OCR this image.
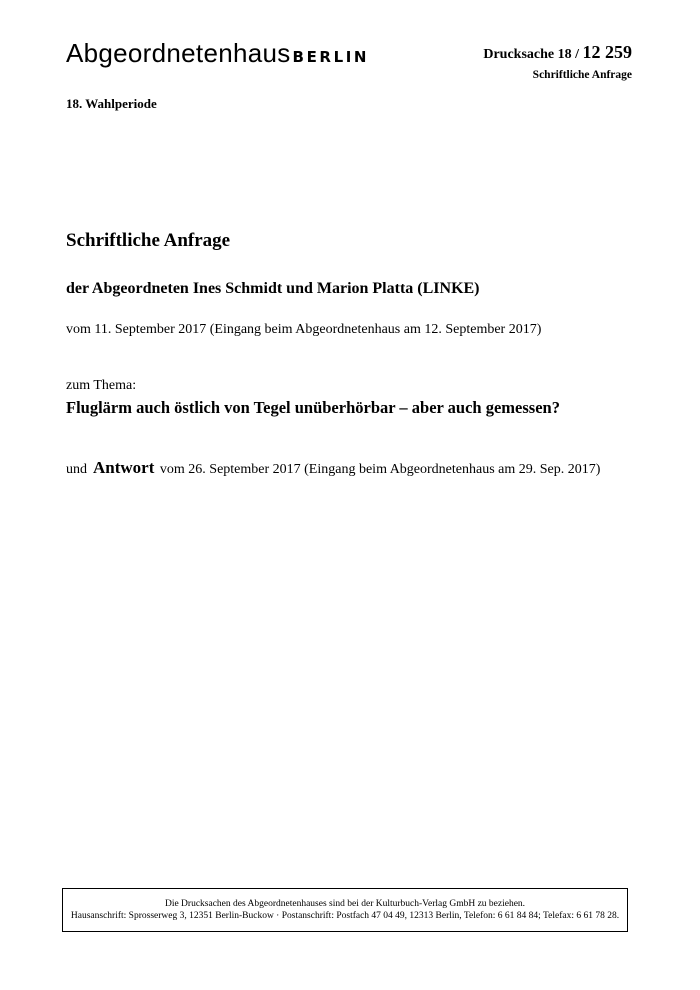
Abgeordnetenhaus BERLIN	Drucksache 18 / 12 259
Schriftliche Anfrage
18. Wahlperiode
Schriftliche Anfrage
der Abgeordneten Ines Schmidt und Marion Platta (LINKE)
vom 11. September 2017 (Eingang beim Abgeordnetenhaus am 12. September 2017)
zum Thema:
Fluglärm auch östlich von Tegel unüberhörbar – aber auch gemessen?
und Antwort vom 26. September 2017 (Eingang beim Abgeordnetenhaus am 29. Sep. 2017)
Die Drucksachen des Abgeordnetenhauses sind bei der Kulturbuch-Verlag GmbH zu beziehen.
Hausanschrift: Sprosserweg 3, 12351 Berlin-Buckow · Postanschrift: Postfach 47 04 49, 12313 Berlin, Telefon: 6 61 84 84; Telefax: 6 61 78 28.
